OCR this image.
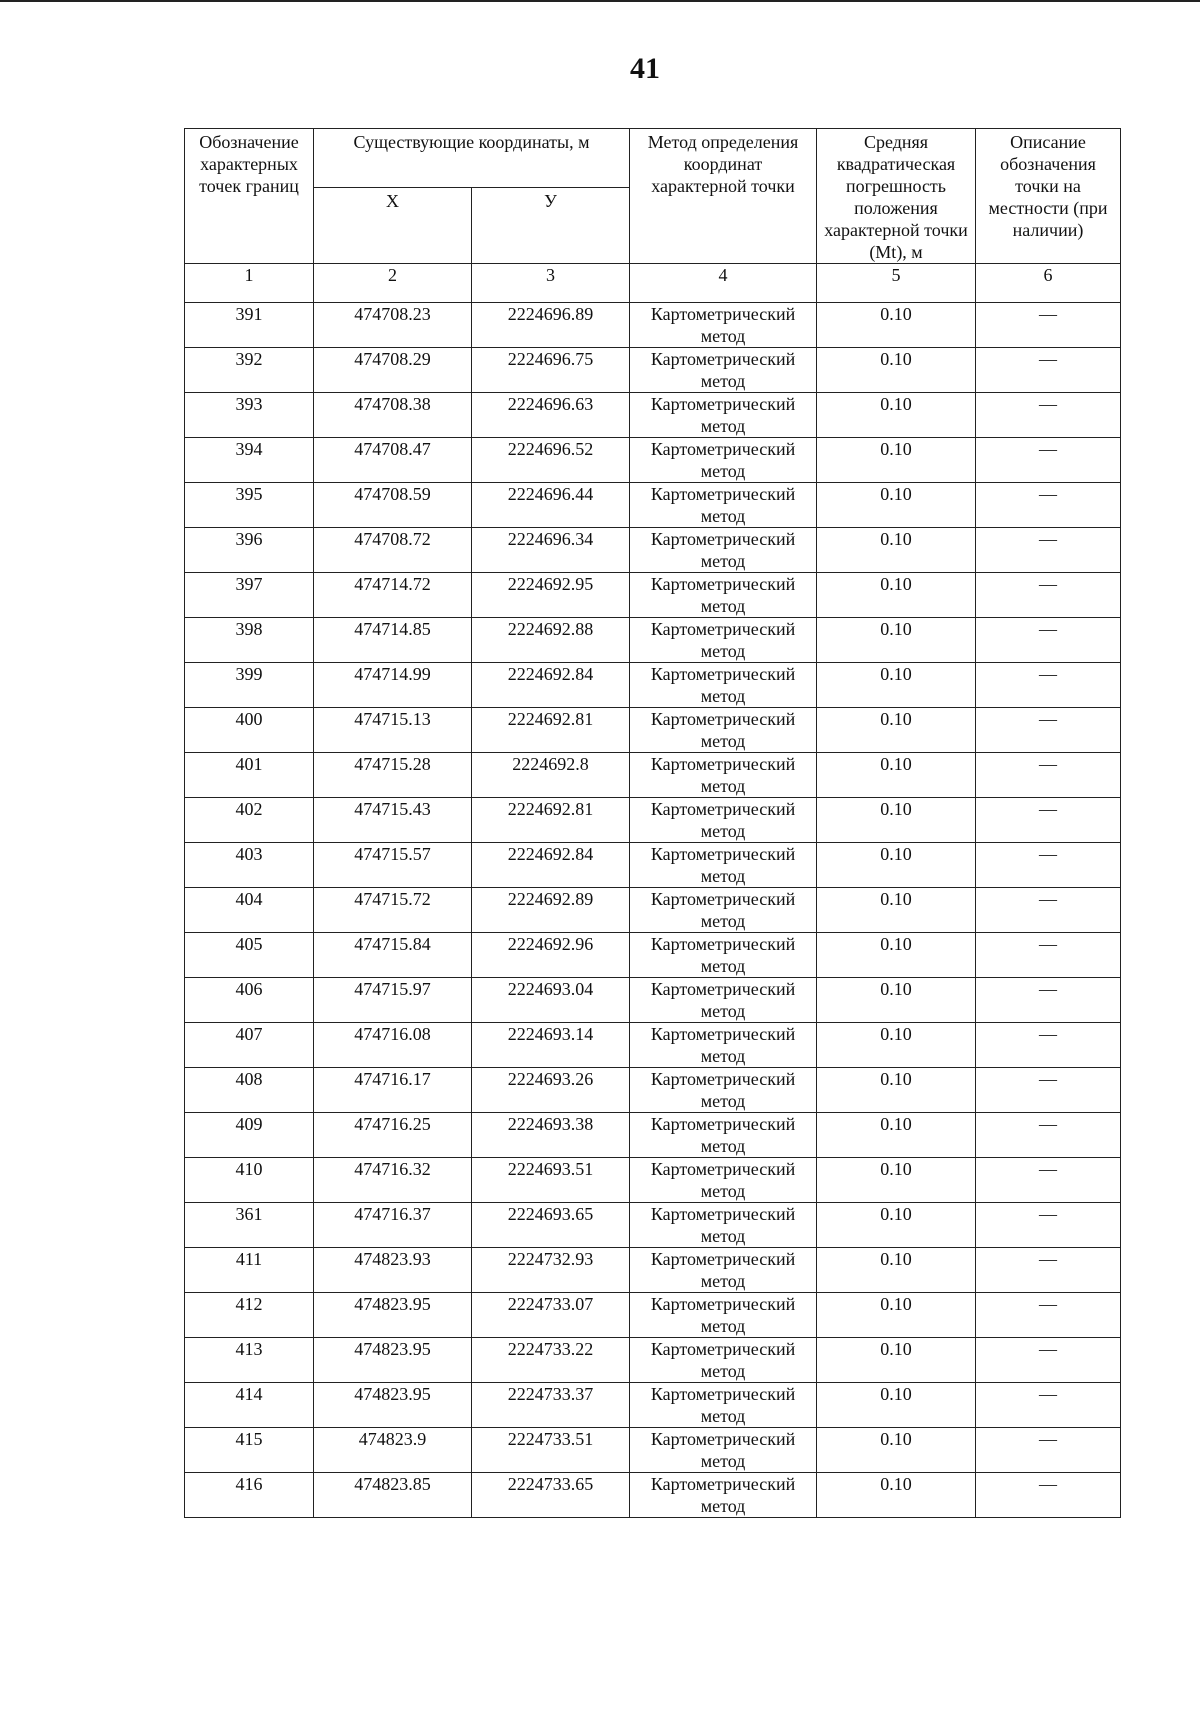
41
Обозначение характерных точек границ	Существующие координаты, м		Метод определения координат характерной точки	Средняя квадратическая погрешность положения характерной точки (Mt), м	Описание обозначения точки на местности (при наличии)
	X	У			
1	2	3	4	5	6
391	474708.23	2224696.89	Картометрический метод	0.10	—
392	474708.29	2224696.75	Картометрический метод	0.10	—
393	474708.38	2224696.63	Картометрический метод	0.10	—
394	474708.47	2224696.52	Картометрический метод	0.10	—
395	474708.59	2224696.44	Картометрический метод	0.10	—
396	474708.72	2224696.34	Картометрический метод	0.10	—
397	474714.72	2224692.95	Картометрический метод	0.10	—
398	474714.85	2224692.88	Картометрический метод	0.10	—
399	474714.99	2224692.84	Картометрический метод	0.10	—
400	474715.13	2224692.81	Картометрический метод	0.10	—
401	474715.28	2224692.8	Картометрический метод	0.10	—
402	474715.43	2224692.81	Картометрический метод	0.10	—
403	474715.57	2224692.84	Картометрический метод	0.10	—
404	474715.72	2224692.89	Картометрический метод	0.10	—
405	474715.84	2224692.96	Картометрический метод	0.10	—
406	474715.97	2224693.04	Картометрический метод	0.10	—
407	474716.08	2224693.14	Картометрический метод	0.10	—
408	474716.17	2224693.26	Картометрический метод	0.10	—
409	474716.25	2224693.38	Картометрический метод	0.10	—
410	474716.32	2224693.51	Картометрический метод	0.10	—
361	474716.37	2224693.65	Картометрический метод	0.10	—
411	474823.93	2224732.93	Картометрический метод	0.10	—
412	474823.95	2224733.07	Картометрический метод	0.10	—
413	474823.95	2224733.22	Картометрический метод	0.10	—
414	474823.95	2224733.37	Картометрический метод	0.10	—
415	474823.9	2224733.51	Картометрический метод	0.10	—
416	474823.85	2224733.65	Картометрический метод	0.10	—
